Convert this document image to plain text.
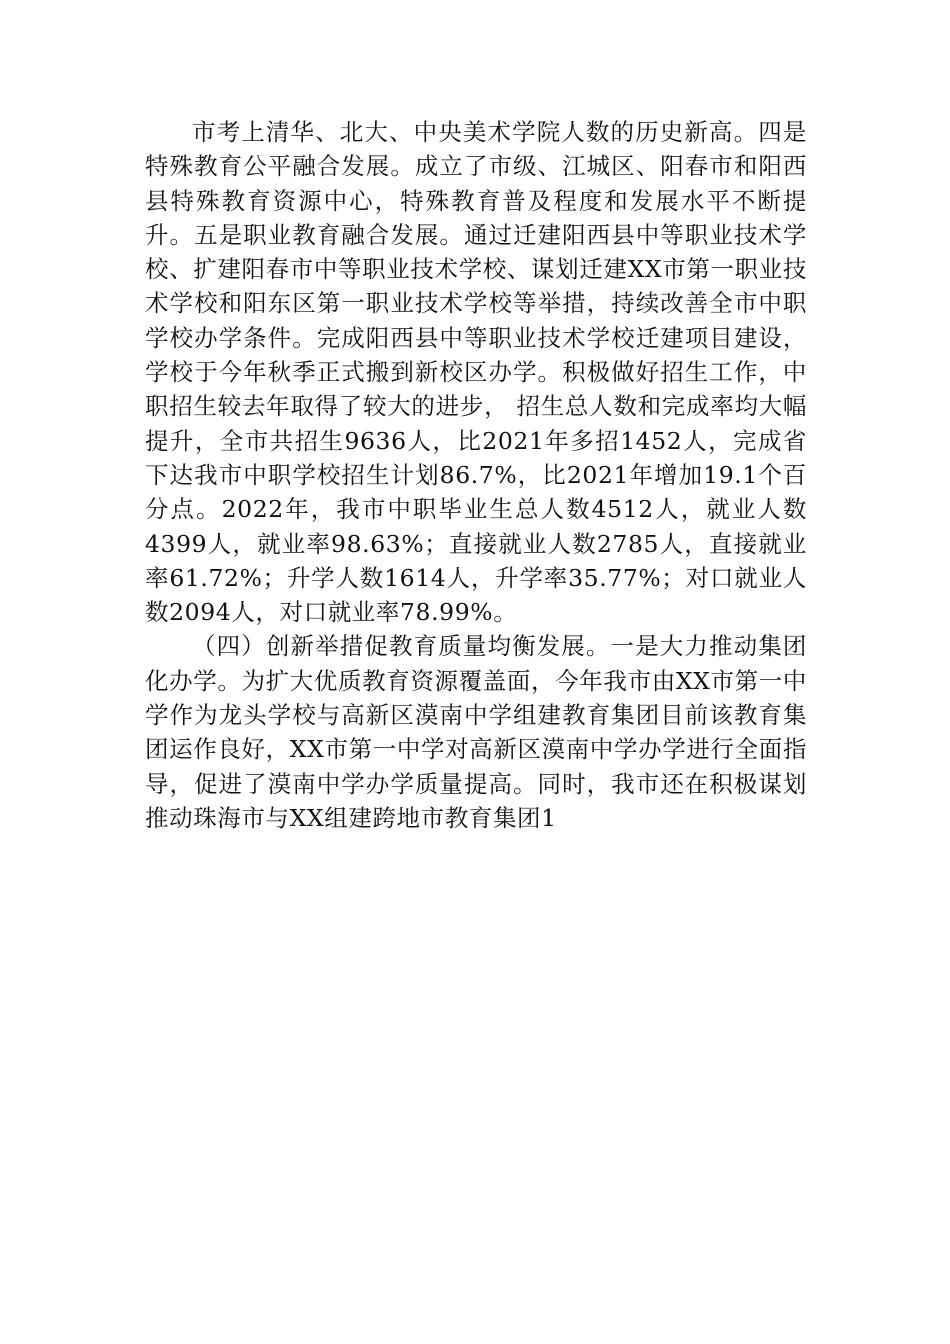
市考上清华、北大、中央美术学院人数的历史新高。四是特殊教育公平融合发展。成立了市级、江城区、阳春市和阳西县特殊教育资源中心，特殊教育普及程度和发展水平不断提升。五是职业教育融合发展。通过迁建阳西县中等职业技术学校、扩建阳春市中等职业技术学校、谋划迁建XX市第一职业技术学校和阳东区第一职业技术学校等举措，持续改善全市中职学校办学条件。完成阳西县中等职业技术学校迁建项目建设，学校于今年秋季正式搬到新校区办学。积极做好招生工作，中职招生较去年取得了较大的进步， 招生总人数和完成率均大幅提升，全市共招生9636人，比2021年多招1452人，完成省下达我市中职学校招生计划86.7%，比2021年增加19.1个百分点。2022年，我市中职毕业生总人数4512人，就业人数4399人，就业率98.63%；直接就业人数2785人，直接就业率61.72%；升学人数1614人，升学率35.77%；对口就业人数2094人，对口就业率78.99%。

（四）创新举措促教育质量均衡发展。一是大力推动集团化办学。为扩大优质教育资源覆盖面，今年我市由XX市第一中学作为龙头学校与高新区漠南中学组建教育集团目前该教育集团运作良好，XX市第一中学对高新区漠南中学办学进行全面指导，促进了漠南中学办学质量提高。同时，我市还在积极谋划推动珠海市与XX组建跨地市教育集团1
